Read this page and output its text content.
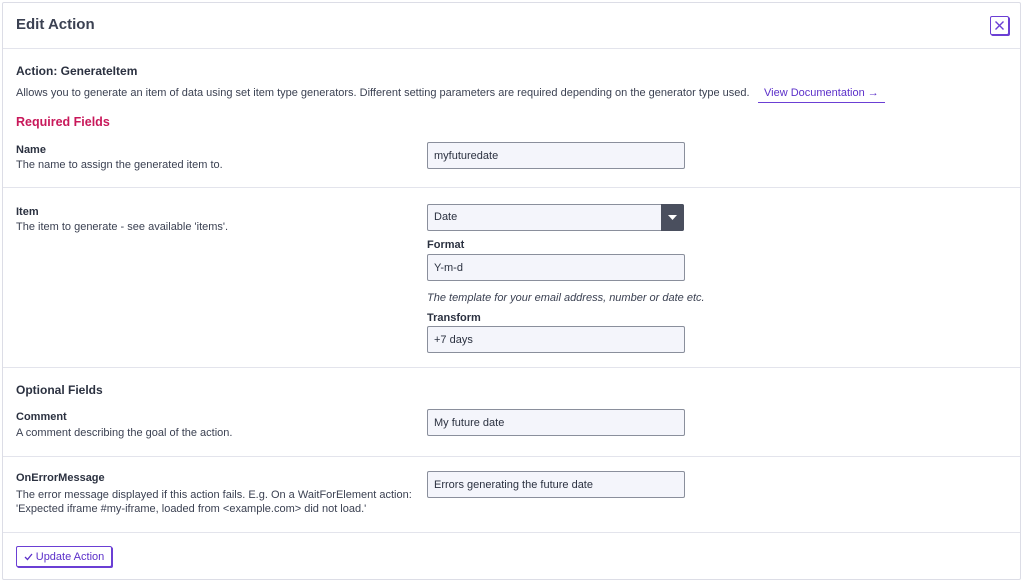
Edit Action
Action: GenerateItem
Allows you to generate an item of data using set item type generators. Different setting parameters are required depending on the generator type used.	View Documentation →
Required Fields
Name
The name to assign the generated item to.
myfuturedate
Item
The item to generate - see available 'items'.
Date
Format
Y-m-d
The template for your email address, number or date etc.
Transform
+7 days
Optional Fields
Comment
A comment describing the goal of the action.
My future date
OnErrorMessage
The error message displayed if this action fails. E.g. On a WaitForElement action:
'Expected iframe #my-iframe, loaded from <example.com> did not load.'
Errors generating the future date
Update Action
